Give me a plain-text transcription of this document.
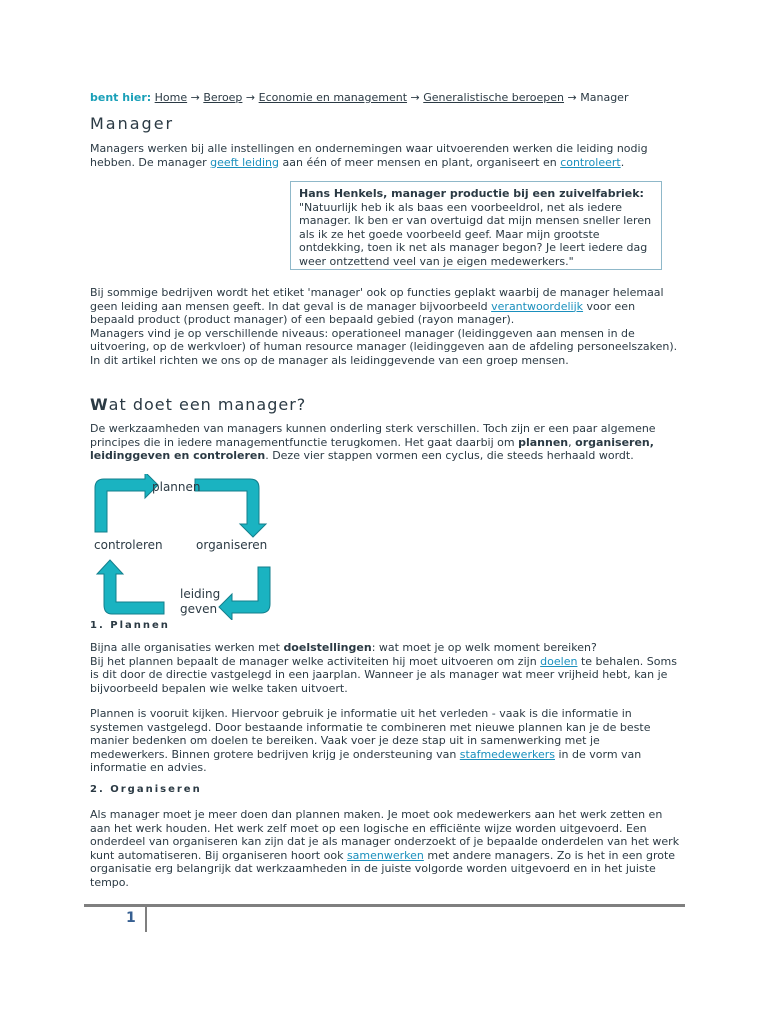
bent hier: Home → Beroep → Economie en management → Generalistische beroepen → Manager
Manager

Managers werken bij alle instellingen en ondernemingen waar uitvoerenden werken die leiding nodig hebben. De manager geeft leiding aan één of meer mensen en plant, organiseert en controleert.

Hans Henkels, manager productie bij een zuivelfabriek:
"Natuurlijk heb ik als baas een voorbeeldrol, net als iedere manager. Ik ben er van overtuigd dat mijn mensen sneller leren als ik ze het goede voorbeeld geef. Maar mijn grootste ontdekking, toen ik net als manager begon? Je leert iedere dag weer ontzettend veel van je eigen medewerkers."

Bij sommige bedrijven wordt het etiket 'manager' ook op functies geplakt waarbij de manager helemaal geen leiding aan mensen geeft. In dat geval is de manager bijvoorbeeld verantwoordelijk voor een bepaald product (product manager) of een bepaald gebied (rayon manager).

Managers vind je op verschillende niveaus: operationeel manager (leidinggeven aan mensen in de uitvoering, op de werkvloer) of human resource manager (leidinggeven aan de afdeling personeelszaken). In dit artikel richten we ons op de manager als leidinggevende van een groep mensen.

Wat doet een manager?

De werkzaamheden van managers kunnen onderling sterk verschillen. Toch zijn er een paar algemene principes die in iedere managementfunctie terugkomen. Het gaat daarbij om plannen, organiseren, leidinggeven en controleren. Deze vier stappen vormen een cyclus, die steeds herhaald wordt.

plannen
organiseren
leiding
geven
controleren
1. Plannen

Bijna alle organisaties werken met doelstellingen: wat moet je op welk moment bereiken?
Bij het plannen bepaalt de manager welke activiteiten hij moet uitvoeren om zijn doelen te behalen. Soms is dit door de directie vastgelegd in een jaarplan. Wanneer je als manager wat meer vrijheid hebt, kan je bijvoorbeeld bepalen wie welke taken uitvoert.

Plannen is vooruit kijken. Hiervoor gebruik je informatie uit het verleden - vaak is die informatie in systemen vastgelegd. Door bestaande informatie te combineren met nieuwe plannen kan je de beste manier bedenken om doelen te bereiken. Vaak voer je deze stap uit in samenwerking met je medewerkers. Binnen grotere bedrijven krijg je ondersteuning van stafmedewerkers in de vorm van informatie en advies.

2. Organiseren

Als manager moet je meer doen dan plannen maken. Je moet ook medewerkers aan het werk zetten en aan het werk houden. Het werk zelf moet op een logische en efficiënte wijze worden uitgevoerd. Een onderdeel van organiseren kan zijn dat je als manager onderzoekt of je bepaalde onderdelen van het werk kunt automatiseren. Bij organiseren hoort ook samenwerken met andere managers. Zo is het in een grote organisatie erg belangrijk dat werkzaamheden in de juiste volgorde worden uitgevoerd en in het juiste tempo.

1
